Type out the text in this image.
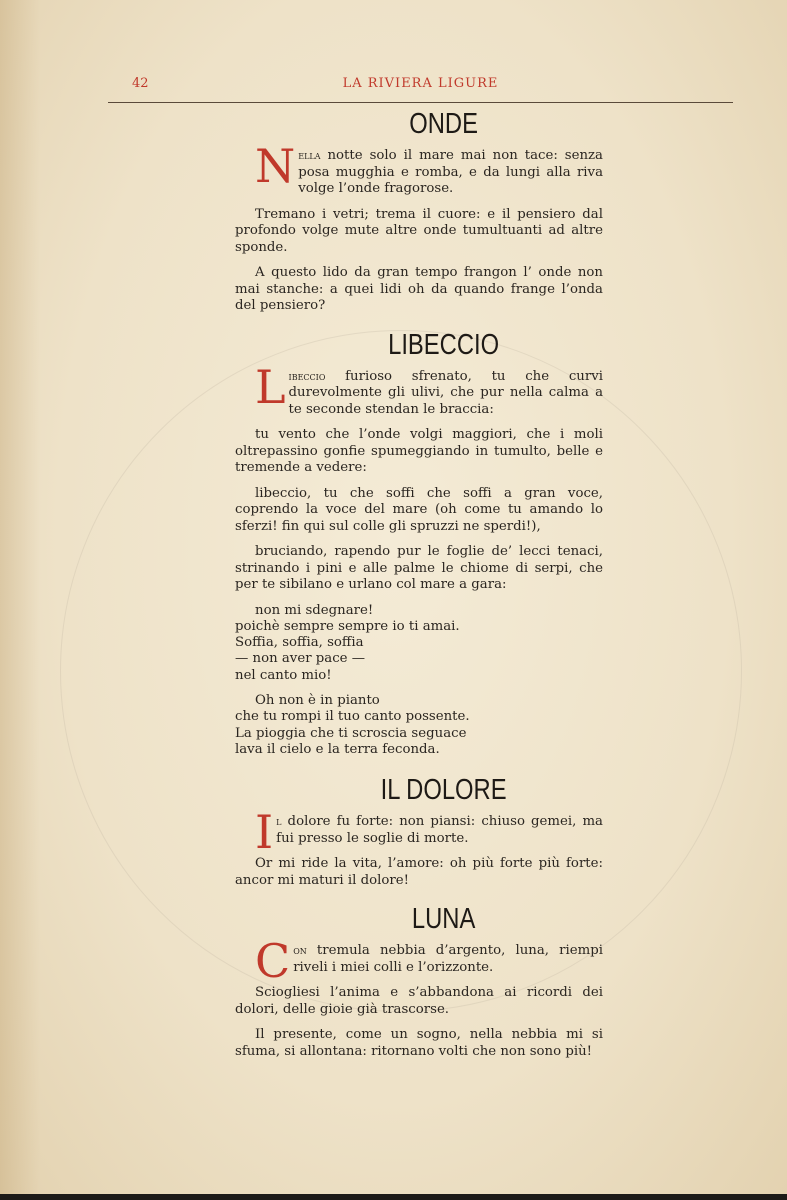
42	LA RIVIERA LIGURE
ONDE

Nella notte solo il mare mai non tace: senza posa mugghia e romba, e da lungi alla riva volge l’onde fragorose.

Tremano i vetri; trema il cuore: e il pensiero dal profondo volge mute altre onde tumultuanti ad altre sponde.

A questo lido da gran tempo frangon l’ onde non mai stanche: a quei lidi oh da quando frange l’onda del pensiero?

LIBECCIO

Libeccio furioso sfrenato, tu che curvi durevolmente gli ulivi, che pur nella calma a te seconde stendan le braccia:

tu vento che l’onde volgi maggiori, che i moli oltrepassino gonfie spumeggiando in tumulto, belle e tremende a vedere:

libeccio, tu che soffi che soffi a gran voce, coprendo la voce del mare (oh come tu amando lo sferzi! fin qui sul colle gli spruzzi ne sperdi!),

bruciando, rapendo pur le foglie de’ lecci tenaci, strinando i pini e alle palme le chiome di serpi, che per te sibilano e urlano col mare a gara:

non mi sdegnare!
poichè sempre sempre io ti amai.
Soffia, soffia, soffia
— non aver pace —
nel canto mio!
Oh non è in pianto
che tu rompi il tuo canto possente.
La pioggia che ti scroscia seguace
lava il cielo e la terra feconda.
IL DOLORE

Il dolore fu forte: non piansi: chiuso gemei, ma fui presso le soglie di morte.

Or mi ride la vita, l’amore: oh più forte più forte: ancor mi maturi il dolore!

LUNA

Con tremula nebbia d’argento, luna, riempi riveli i miei colli e l’orizzonte.

Sciogliesi l’anima e s’abbandona ai ricordi dei dolori, delle gioie già trascorse.

Il presente, come un sogno, nella nebbia mi si sfuma, si allontana: ritornano volti che non sono più!
